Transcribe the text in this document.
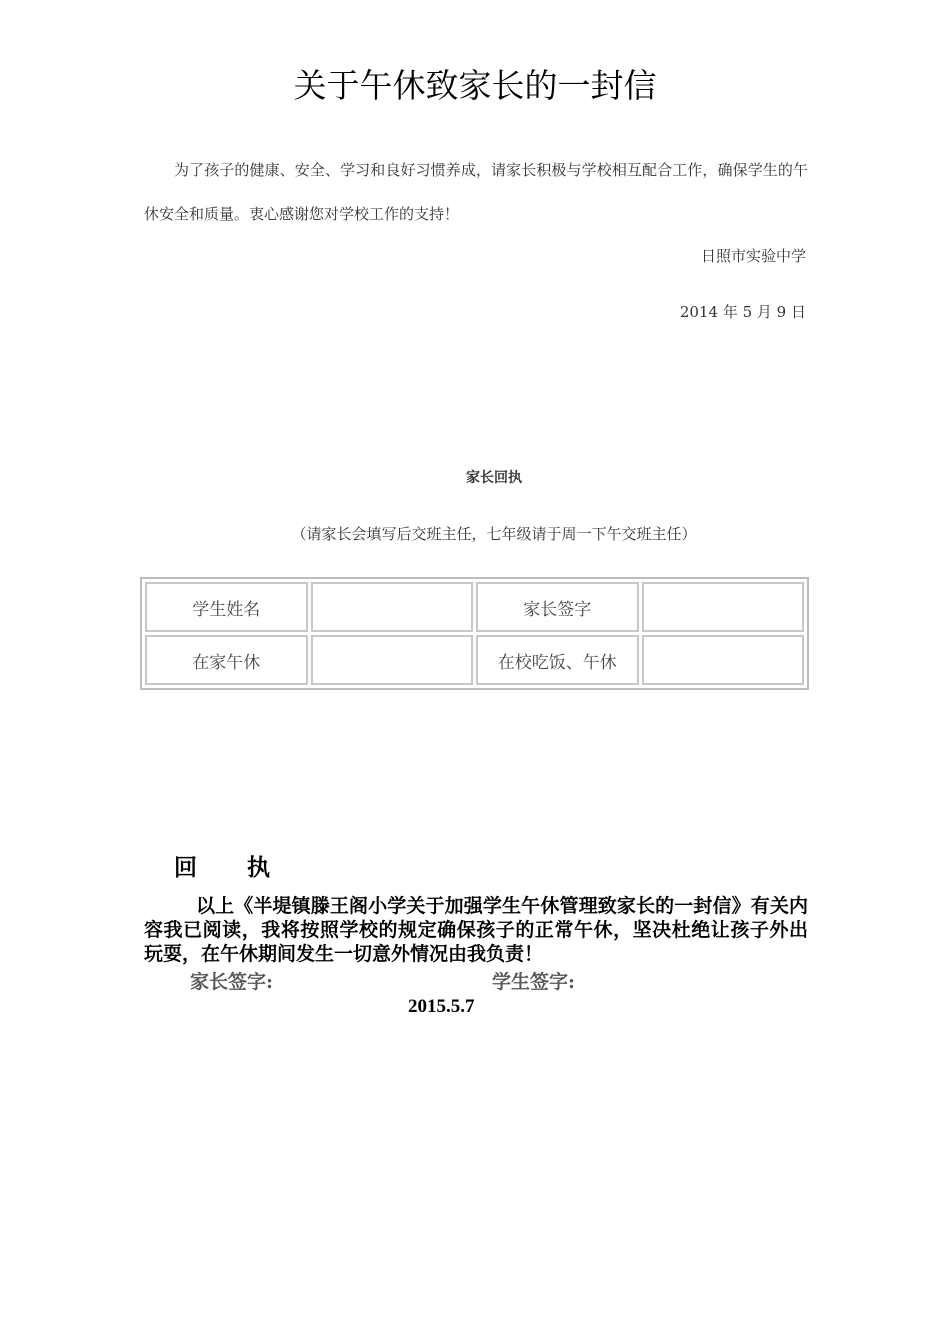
关于午休致家长的一封信
为了孩子的健康、安全、学习和良好习惯养成，请家长积极与学校相互配合工作，确保学生的午休安全和质量。衷心感谢您对学校工作的支持！
日照市实验中学
2014 年 5 月 9 日
家长回执
（请家长会填写后交班主任，七年级请于周一下午交班主任）
学生姓名		家长签字	
在家午休		在校吃饭、午休	
回 执
以上《半堤镇滕王阁小学关于加强学生午休管理致家长的一封信》有关内容我已阅读，我将按照学校的规定确保孩子的正常午休，坚决杜绝让孩子外出玩耍，在午休期间发生一切意外情况由我负责！
家长签字:	学生签字:
2015.5.7
